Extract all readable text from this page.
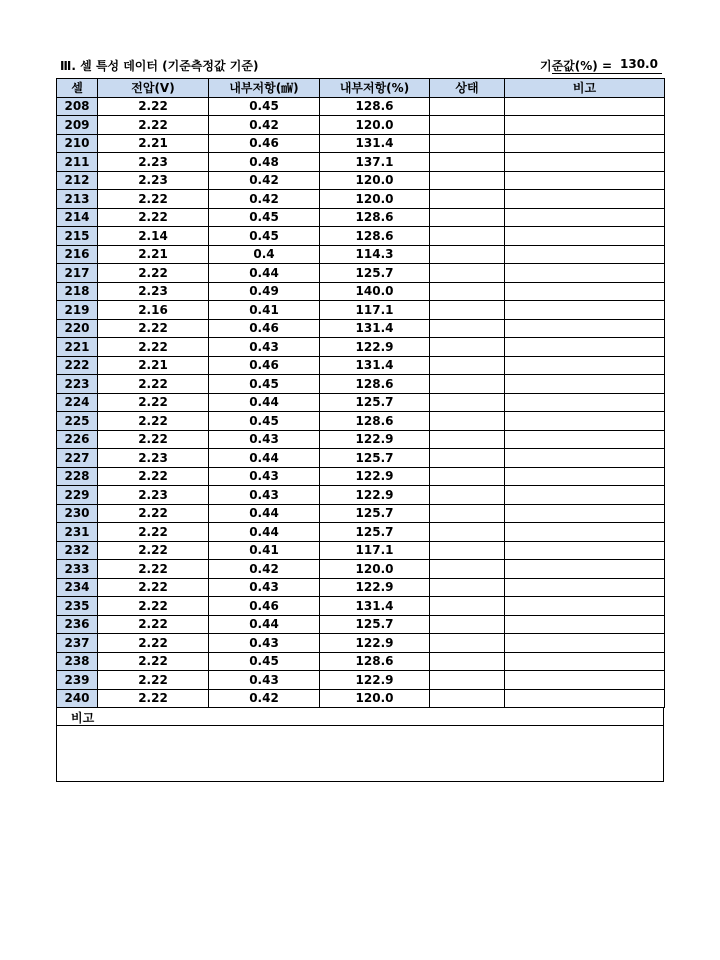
Ⅲ. 셀 특성 데이터 (기준측정값 기준)	기준값(%) = 130.0
셀	전압(V)	내부저항(㎽)	내부저항(%)	상태	비고
208	2.22	0.45	128.6		
209	2.22	0.42	120.0		
210	2.21	0.46	131.4		
211	2.23	0.48	137.1		
212	2.23	0.42	120.0		
213	2.22	0.42	120.0		
214	2.22	0.45	128.6		
215	2.14	0.45	128.6		
216	2.21	0.4	114.3		
217	2.22	0.44	125.7		
218	2.23	0.49	140.0		
219	2.16	0.41	117.1		
220	2.22	0.46	131.4		
221	2.22	0.43	122.9		
222	2.21	0.46	131.4		
223	2.22	0.45	128.6		
224	2.22	0.44	125.7		
225	2.22	0.45	128.6		
226	2.22	0.43	122.9		
227	2.23	0.44	125.7		
228	2.22	0.43	122.9		
229	2.23	0.43	122.9		
230	2.22	0.44	125.7		
231	2.22	0.44	125.7		
232	2.22	0.41	117.1		
233	2.22	0.42	120.0		
234	2.22	0.43	122.9		
235	2.22	0.46	131.4		
236	2.22	0.44	125.7		
237	2.22	0.43	122.9		
238	2.22	0.45	128.6		
239	2.22	0.43	122.9		
240	2.22	0.42	120.0		
비고
